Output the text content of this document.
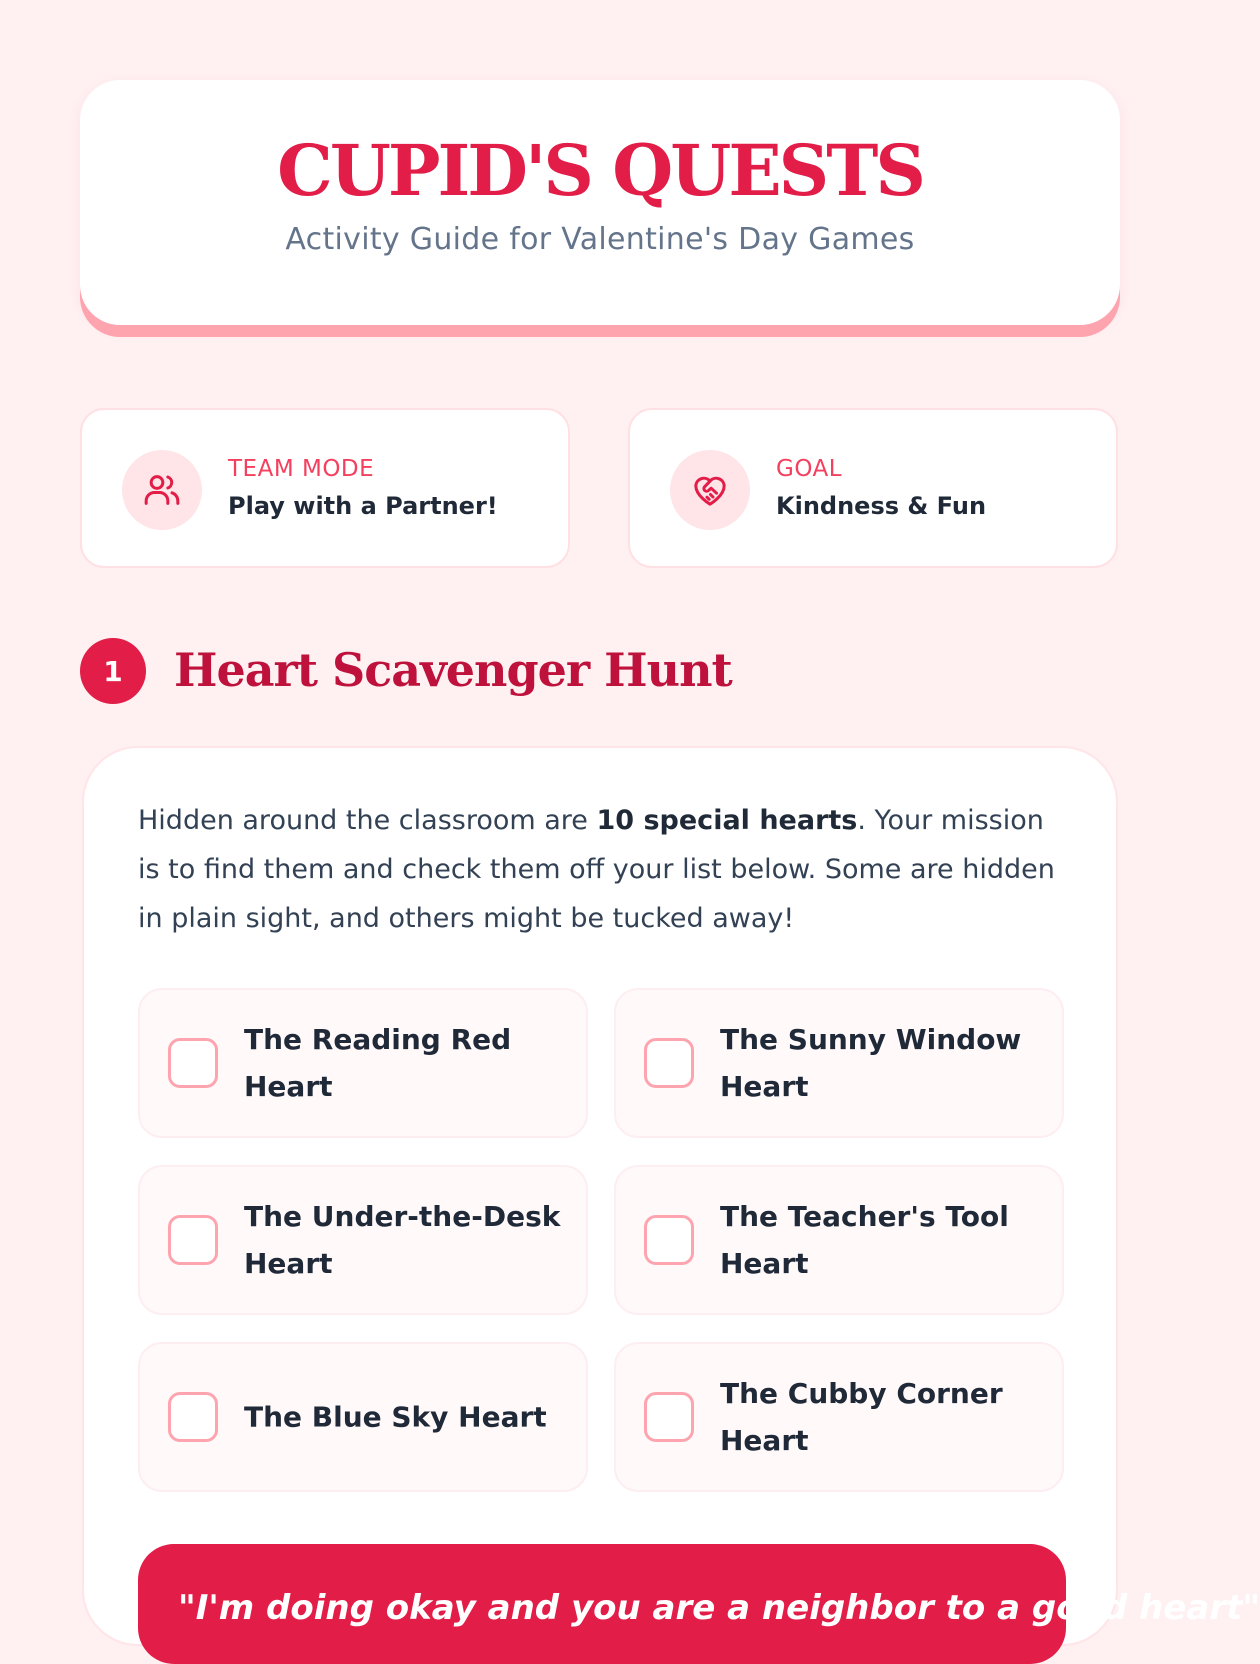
CUPID'S QUESTS
Activity Guide for Valentine's Day Games
TEAM MODE
Play with a Partner!
GOAL
Kindness & Fun
1	Heart Scavenger Hunt

Hidden around the classroom are 10 special hearts. Your mission is to find them and check them off your list below. Some are hidden in plain sight, and others might be tucked away!

The Reading Red Heart
The Sunny Window Heart
The Under-the-Desk Heart
The Teacher's Tool Heart
The Blue Sky Heart
The Cubby Corner Heart
"I'm doing okay and you are a neighbor to a good heart"
